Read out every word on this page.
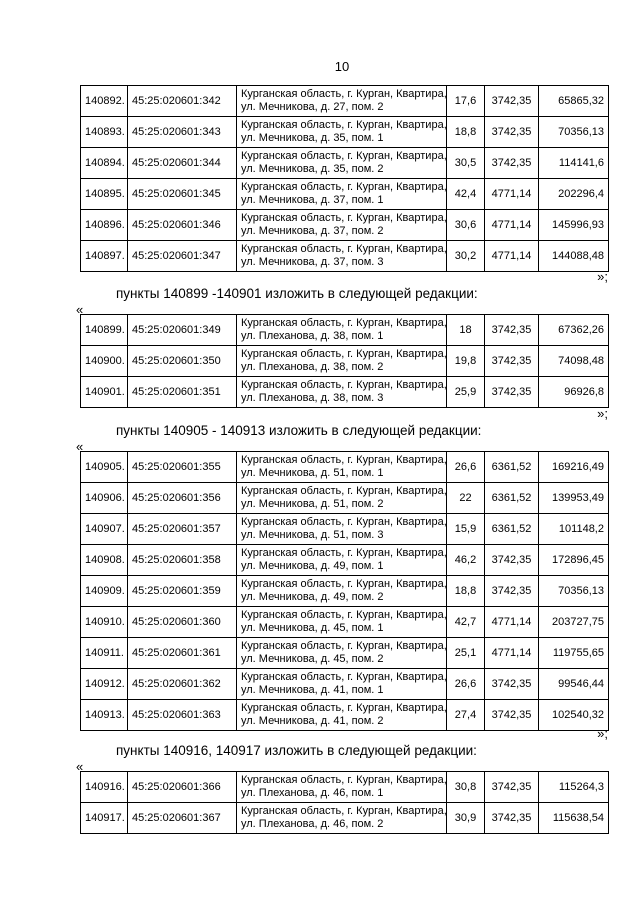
10
140892.	45:25:020601:342	Курганская область, г. Курган, Квартира,
ул. Мечникова, д. 27, пом. 2	17,6	3742,35	65865,32
140893.	45:25:020601:343	Курганская область, г. Курган, Квартира,
ул. Мечникова, д. 35, пом. 1	18,8	3742,35	70356,13
140894.	45:25:020601:344	Курганская область, г. Курган, Квартира,
ул. Мечникова, д. 35, пом. 2	30,5	3742,35	114141,6
140895.	45:25:020601:345	Курганская область, г. Курган, Квартира,
ул. Мечникова, д. 37, пом. 1	42,4	4771,14	202296,4
140896.	45:25:020601:346	Курганская область, г. Курган, Квартира,
ул. Мечникова, д. 37, пом. 2	30,6	4771,14	145996,93
140897.	45:25:020601:347	Курганская область, г. Курган, Квартира,
ул. Мечникова, д. 37, пом. 3	30,2	4771,14	144088,48
»;
пункты 140899 -140901 изложить в следующей редакции:
«
140899.	45:25:020601:349	Курганская область, г. Курган, Квартира,
ул. Плеханова, д. 38, пом. 1	18	3742,35	67362,26
140900.	45:25:020601:350	Курганская область, г. Курган, Квартира,
ул. Плеханова, д. 38, пом. 2	19,8	3742,35	74098,48
140901.	45:25:020601:351	Курганская область, г. Курган, Квартира,
ул. Плеханова, д. 38, пом. 3	25,9	3742,35	96926,8
»;
пункты 140905 - 140913 изложить в следующей редакции:
«
140905.	45:25:020601:355	Курганская область, г. Курган, Квартира,
ул. Мечникова, д. 51, пом. 1	26,6	6361,52	169216,49
140906.	45:25:020601:356	Курганская область, г. Курган, Квартира,
ул. Мечникова, д. 51, пом. 2	22	6361,52	139953,49
140907.	45:25:020601:357	Курганская область, г. Курган, Квартира,
ул. Мечникова, д. 51, пом. 3	15,9	6361,52	101148,2
140908.	45:25:020601:358	Курганская область, г. Курган, Квартира,
ул. Мечникова, д. 49, пом. 1	46,2	3742,35	172896,45
140909.	45:25:020601:359	Курганская область, г. Курган, Квартира,
ул. Мечникова, д. 49, пом. 2	18,8	3742,35	70356,13
140910.	45:25:020601:360	Курганская область, г. Курган, Квартира,
ул. Мечникова, д. 45, пом. 1	42,7	4771,14	203727,75
140911.	45:25:020601:361	Курганская область, г. Курган, Квартира,
ул. Мечникова, д. 45, пом. 2	25,1	4771,14	119755,65
140912.	45:25:020601:362	Курганская область, г. Курган, Квартира,
ул. Мечникова, д. 41, пом. 1	26,6	3742,35	99546,44
140913.	45:25:020601:363	Курганская область, г. Курган, Квартира,
ул. Мечникова, д. 41, пом. 2	27,4	3742,35	102540,32
»;
пункты 140916, 140917 изложить в следующей редакции:
«
140916.	45:25:020601:366	Курганская область, г. Курган, Квартира,
ул. Плеханова, д. 46, пом. 1	30,8	3742,35	115264,3
140917.	45:25:020601:367	Курганская область, г. Курган, Квартира,
ул. Плеханова, д. 46, пом. 2	30,9	3742,35	115638,54
